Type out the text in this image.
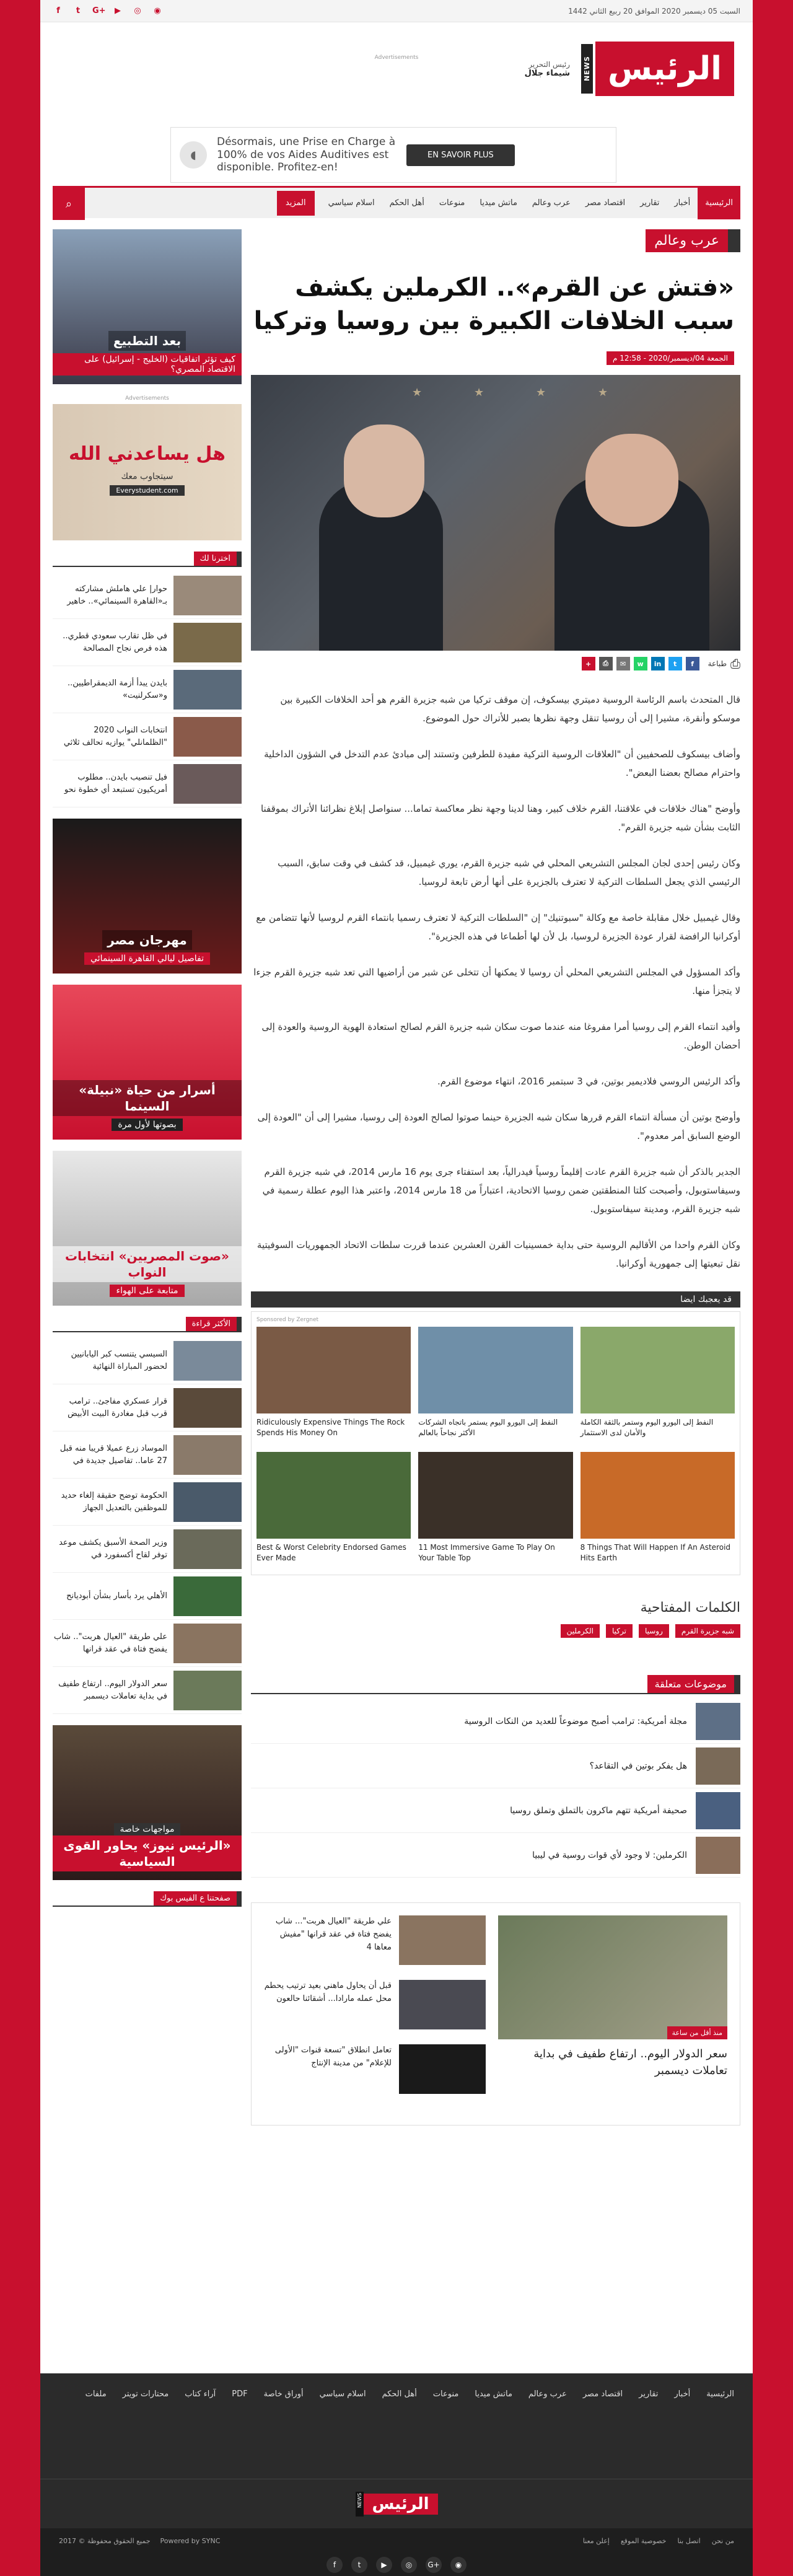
السبت 05 ديسمبر 2020 الموافق 20 ربيع الثاني 1442
f	t	G+	▶	◎ ◉
الرئيس
NEWS
رئيس التحرير
شيماء جلال
Advertisements
◖
Désormais, une Prise en Charge à 100% de vos Aides Auditives est disponible. Profitez-en!
EN SAVOIR PLUS
الرئيسية
أخبار
تقارير
اقتصاد مصر
عرب وعالم
ماتش ميديا
منوعات
أهل الحكم
اسلام سياسي
المزيد
⌕
عرب وعالم
«فتش عن القرم».. الكرملين يكشف سبب الخلافات الكبيرة بين روسيا وتركيا
الجمعة 04/ديسمبر/2020 - 12:58 م
★	★	★	★
⎙
طباعة
f
t
in
w
✉
⎙
+

قال المتحدث باسم الرئاسة الروسية دميتري بيسكوف، إن موقف تركيا من شبه جزيرة القرم هو أحد الخلافات الكبيرة بين موسكو وأنقرة، مشيرا إلى أن روسيا تنقل وجهة نظرها بصبر للأتراك حول الموضوع.

وأضاف بيسكوف للصحفيين أن "العلاقات الروسية التركية مفيدة للطرفين وتستند إلى مبادئ عدم التدخل في الشؤون الداخلية واحترام مصالح بعضنا البعض".

وأوضح "هناك خلافات في علاقتنا، القرم خلاف كبير، وهنا لدينا وجهة نظر معاكسة تماما... سنواصل إبلاغ نظرائنا الأتراك بموقفنا الثابت بشأن شبه جزيرة القرم".

وكان رئيس إحدى لجان المجلس التشريعي المحلي في شبه جزيرة القرم، يوري غيمبيل، قد كشف في وقت سابق، السبب الرئيسي الذي يجعل السلطات التركية لا تعترف بالجزيرة على أنها أرض تابعة لروسيا.

وقال غيمبيل خلال مقابلة خاصة مع وكالة "سبوتنيك" إن "السلطات التركية لا تعترف رسميا بانتماء القرم لروسيا لأنها تتضامن مع أوكرانيا الرافضة لقرار عودة الجزيرة لروسيا، بل لأن لها أطماعا في هذه الجزيرة".

وأكد المسؤول في المجلس التشريعي المحلي أن روسيا لا يمكنها أن تتخلى عن شبر من أراضيها التي تعد شبه جزيرة القرم جزءا لا يتجزأ منها.

وأفيد انتماء القرم إلى روسيا أمرا مفروغا منه عندما صوت سكان شبه جزيرة القرم لصالح استعادة الهوية الروسية والعودة إلى أحضان الوطن.

وأكد الرئيس الروسي فلاديمير بوتين، في 3 سبتمبر 2016، انتهاء موضوع القرم.

وأوضح بوتين أن مسألة انتماء القرم قررها سكان شبه الجزيرة حينما صوتوا لصالح العودة إلى روسيا، مشيرا إلى أن "العودة إلى الوضع السابق أمر معدوم".

الجدير بالذكر أن شبه جزيرة القرم عادت إقليماً روسياً فيدرالياً، بعد استفتاء جرى يوم 16 مارس 2014، في شبه جزيرة القرم وسيفاستوبول، وأصبحت كلتا المنطقتين ضمن روسيا الاتحادية، اعتباراً من 18 مارس 2014، واعتبر هذا اليوم عطلة رسمية في شبه جزيرة القرم، ومدينة سيفاستوبول.

وكان القرم واحدا من الأقاليم الروسية حتى بداية خمسينيات القرن العشرين عندما قررت سلطات الاتحاد الجمهوريات السوفيتية نقل تبعيتها إلى جمهورية أوكرانيا.

قد يعجبك ايضا
Sponsored by Zergnet
Ridiculously Expensive Things The Rock Spends His Money On
النفط إلى اليورو اليوم يستمر باتجاه الشركات الأكثر نجاحاً بالعالم
النفط إلى اليورو اليوم وستمر بالثقة الكاملة والأمان لدى الاستثمار
Best & Worst Celebrity Endorsed Games Ever Made
11 Most Immersive Game To Play On Your Table Top
8 Things That Will Happen If An Asteroid Hits Earth
الكلمات المفتاحية
شبه جزيرة القرم
روسيا
تركيا
الكرملين
موضوعات متعلقة
مجلة أمريكية: ترامب أصبح موضوعاً للعديد من النكات الروسية
هل يفكر بوتين في التقاعد؟
صحيفة أمريكية تتهم ماكرون بالتملق وتملق روسيا
الكرملين: لا وجود لأي قوات روسية في ليبيا
منذ أقل من ساعة
سعر الدولار اليوم.. ارتفاع طفيف في بداية تعاملات ديسمبر
علي طريقة "العيال هربت"... شاب يفضح فتاة في عقد قرانها "مفيش معاها 4
قبل أن يحاول ماهني بعيد ترتيب يحطم محل عمله مارادا... أشقائنا حالعون
تعامل انطلاق "تسعة قنوات "الأولى للإعلام" من مدينة الإنتاج
بعد التطبيع
كيف تؤثر اتفاقيات (الخليج - إسرائيل) على الاقتصاد المصري؟
Advertisements
هل يساعدني الله
سيتجاوب معك
Everystudent.com
اخترنا لك
حوار| علي هاملش مشاركته بـ«القاهرة السينمائي».. خاهير
في ظل تقارب سعودي قطري.. هذه فرص نجاح المصالحة
بايدن يبدأ أزمة الديمقراطيين.. و«سكرلنيت»
انتخابات النواب 2020 "الظلمانلي" يوازيه تحالف ثلاثي
فيل تنصيب بايدن.. مطلوب أمريكيون تستبعد أي خطوة نحو
مهرجان مصر
تفاصيل ليالي القاهرة السينمائي
أسرار من حياة «نبيلة» السينما
بصوتها لأول مرة
«صوت المصريين» انتخابات النواب
متابعة على الهواء
الأكثر قراءة
السيسي يتنسب كبر اليابانيين لحضور المباراة النهائية
قرار عسكري مفاجئ.. ترامب قرب قبل مغادرة البيت الأبيض
الموساد زرع عميلا قريبا منه قبل 27 عاما.. تفاصيل جديدة في
الحكومة توضح حقيقة إلغاء حديد للموظفين بالتعديل الجهاز
وزير الصحة الأسبق يكشف موعد توفر لقاح أكسفورد في
الأهلي يرد بأسار بشأن أبوديانح
علي طريقة "العيال هربت".. شاب يفضح فتاة في عقد قرانها
سعر الدولار اليوم.. ارتفاع طفيف في بداية تعاملات ديسمبر
مواجهات خاصة
«الرئيس نيوز» يحاور القوى السياسية
صفحتنا ع الفيس بوك
الرئيسية
أخبار
تقارير
اقتصاد مصر
عرب وعالم
ماتش ميديا
منوعات
أهل الحكم
اسلام سياسي
أوراق خاصة
PDF
آراء كتاب
محتارات تويتر
ملفات
الرئيس
NEWS
من نحن
اتصل بنا
خصوصية الموقع
إعلن معنا
Powered by SYNC
جميع الحقوق محفوظة © 2017
f	t	▶	◎	G+	◉
